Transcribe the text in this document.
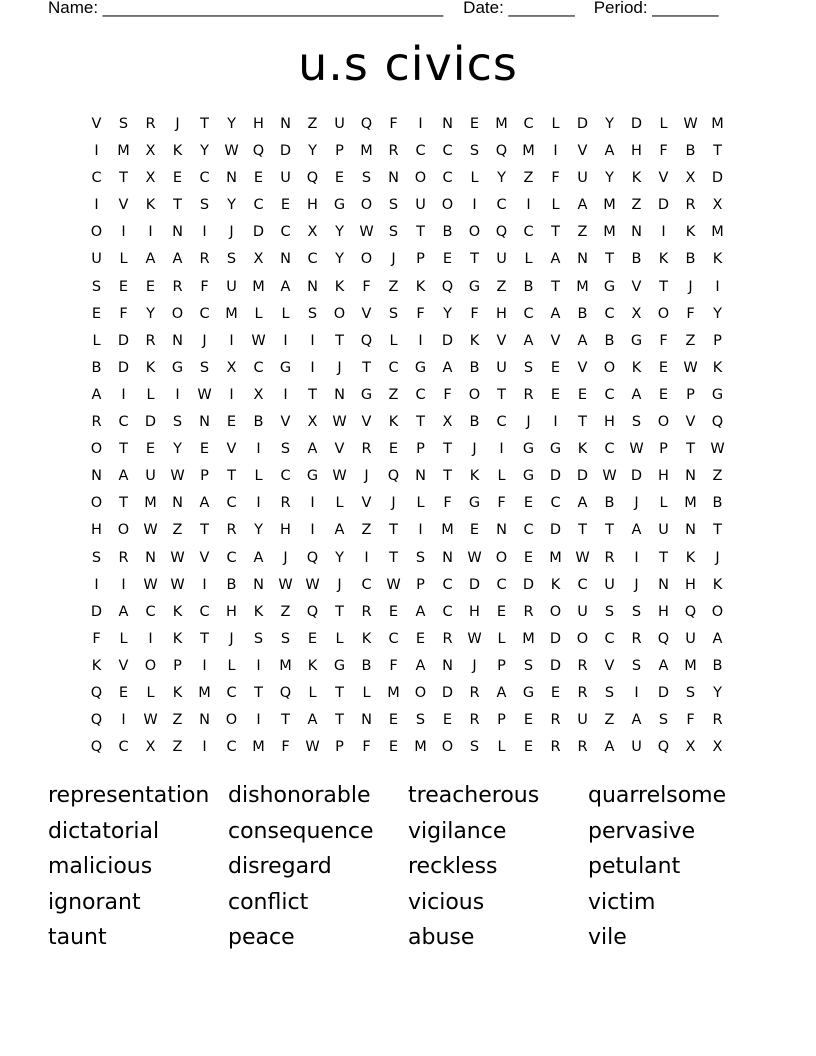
Name: ____________________________________ Date: _______ Period: _______
u.s civics
V	S	R	J	T	Y	H	N	Z	U	Q	F	I	N	E	M	C	L	D	Y	D	L	W M
I	M	X	K	Y	W Q	D	Y	P	M	R	C	C	S	Q	M	I	V	A	H	F	B	T
C	T	X	E	C	N	E	U	Q	E	S	N	O	C	L	Y	Z	F	U	Y	K	V	X	D
I	V	K	T	S	Y	C	E	H	G	O	S	U	O	I	C	I	L	A	M	Z	D	R	X
O	I	I	N	I	J	D	C	X	Y	W	S	T	B	O	Q	C	T	Z	M	N	I	K	M
U	L	A	A	R	S	X	N	C	Y	O	J	P	E	T	U	L	A	N	T	B	K	B	K
S	E	E	R	F	U	M	A	N	K	F	Z	K	Q	G	Z	B	T	M	G	V	T	J	I
E	F	Y	O	C	M	L	L	S	O	V	S	F	Y	F	H	C	A	B	C	X	O	F	Y
L	D	R	N	J	I	W	I	I	T	Q	L	I	D	K	V	A	V	A	B	G	F	Z	P
B	D	K	G	S	X	C	G	I	J	T	C	G	A	B	U	S	E	V	O	K	E	W	K
A	I	L	I	W	I	X	I	T	N	G	Z	C	F	O	T	R	E	E	C	A	E	P	G
R	C	D	S	N	E	B	V	X	W	V	K	T	X	B	C	J	I	T	H	S	O	V	Q
O	T	E	Y	E	V	I	S	A	V	R	E	P	T	J	I	G	G	K	C	W	P	T	W
N	A	U	W	P	T	L	C	G W	J	Q	N	T	K	L	G	D	D W D	H	N	Z
O	T	M	N	A	C	I	R	I	L	V	J	L	F	G	F	E	C	A	B	J	L	M	B
H	O W	Z	T	R	Y	H	I	A	Z	T	I	M	E	N	C	D	T	T	A	U	N	T
S	R	N W	V	C	A	J	Q	Y	I	T	S	N W O	E	M W	R	I	T	K	J
I	I	W W	I	B	N W W	J	C	W	P	C	D	C	D	K	C	U	J	N	H	K
D	A	C	K	C	H	K	Z	Q	T	R	E	A	C	H	E	R	O	U	S	S	H	Q	O
F	L	I	K	T	J	S	S	E	L	K	C	E	R	W	L	M	D	O	C	R	Q	U	A
K	V	O	P	I	L	I	M	K	G	B	F	A	N	J	P	S	D	R	V	S	A	M	B
Q	E	L	K	M	C	T	Q	L	T	L	M	O	D	R	A	G	E	R	S	I	D	S	Y
Q	I	W	Z	N	O	I	T	A	T	N	E	S	E	R	P	E	R	U	Z	A	S	F	R
Q	C	X	Z	I	C	M	F	W	P	F	E	M	O	S	L	E	R	R	A	U	Q	X	X
representation dishonorable	treacherous	quarrelsome
dictatorial	consequence	vigilance	pervasive
malicious	disregard	reckless	petulant
ignorant	conflict	vicious	victim
taunt	peace	abuse	vile
